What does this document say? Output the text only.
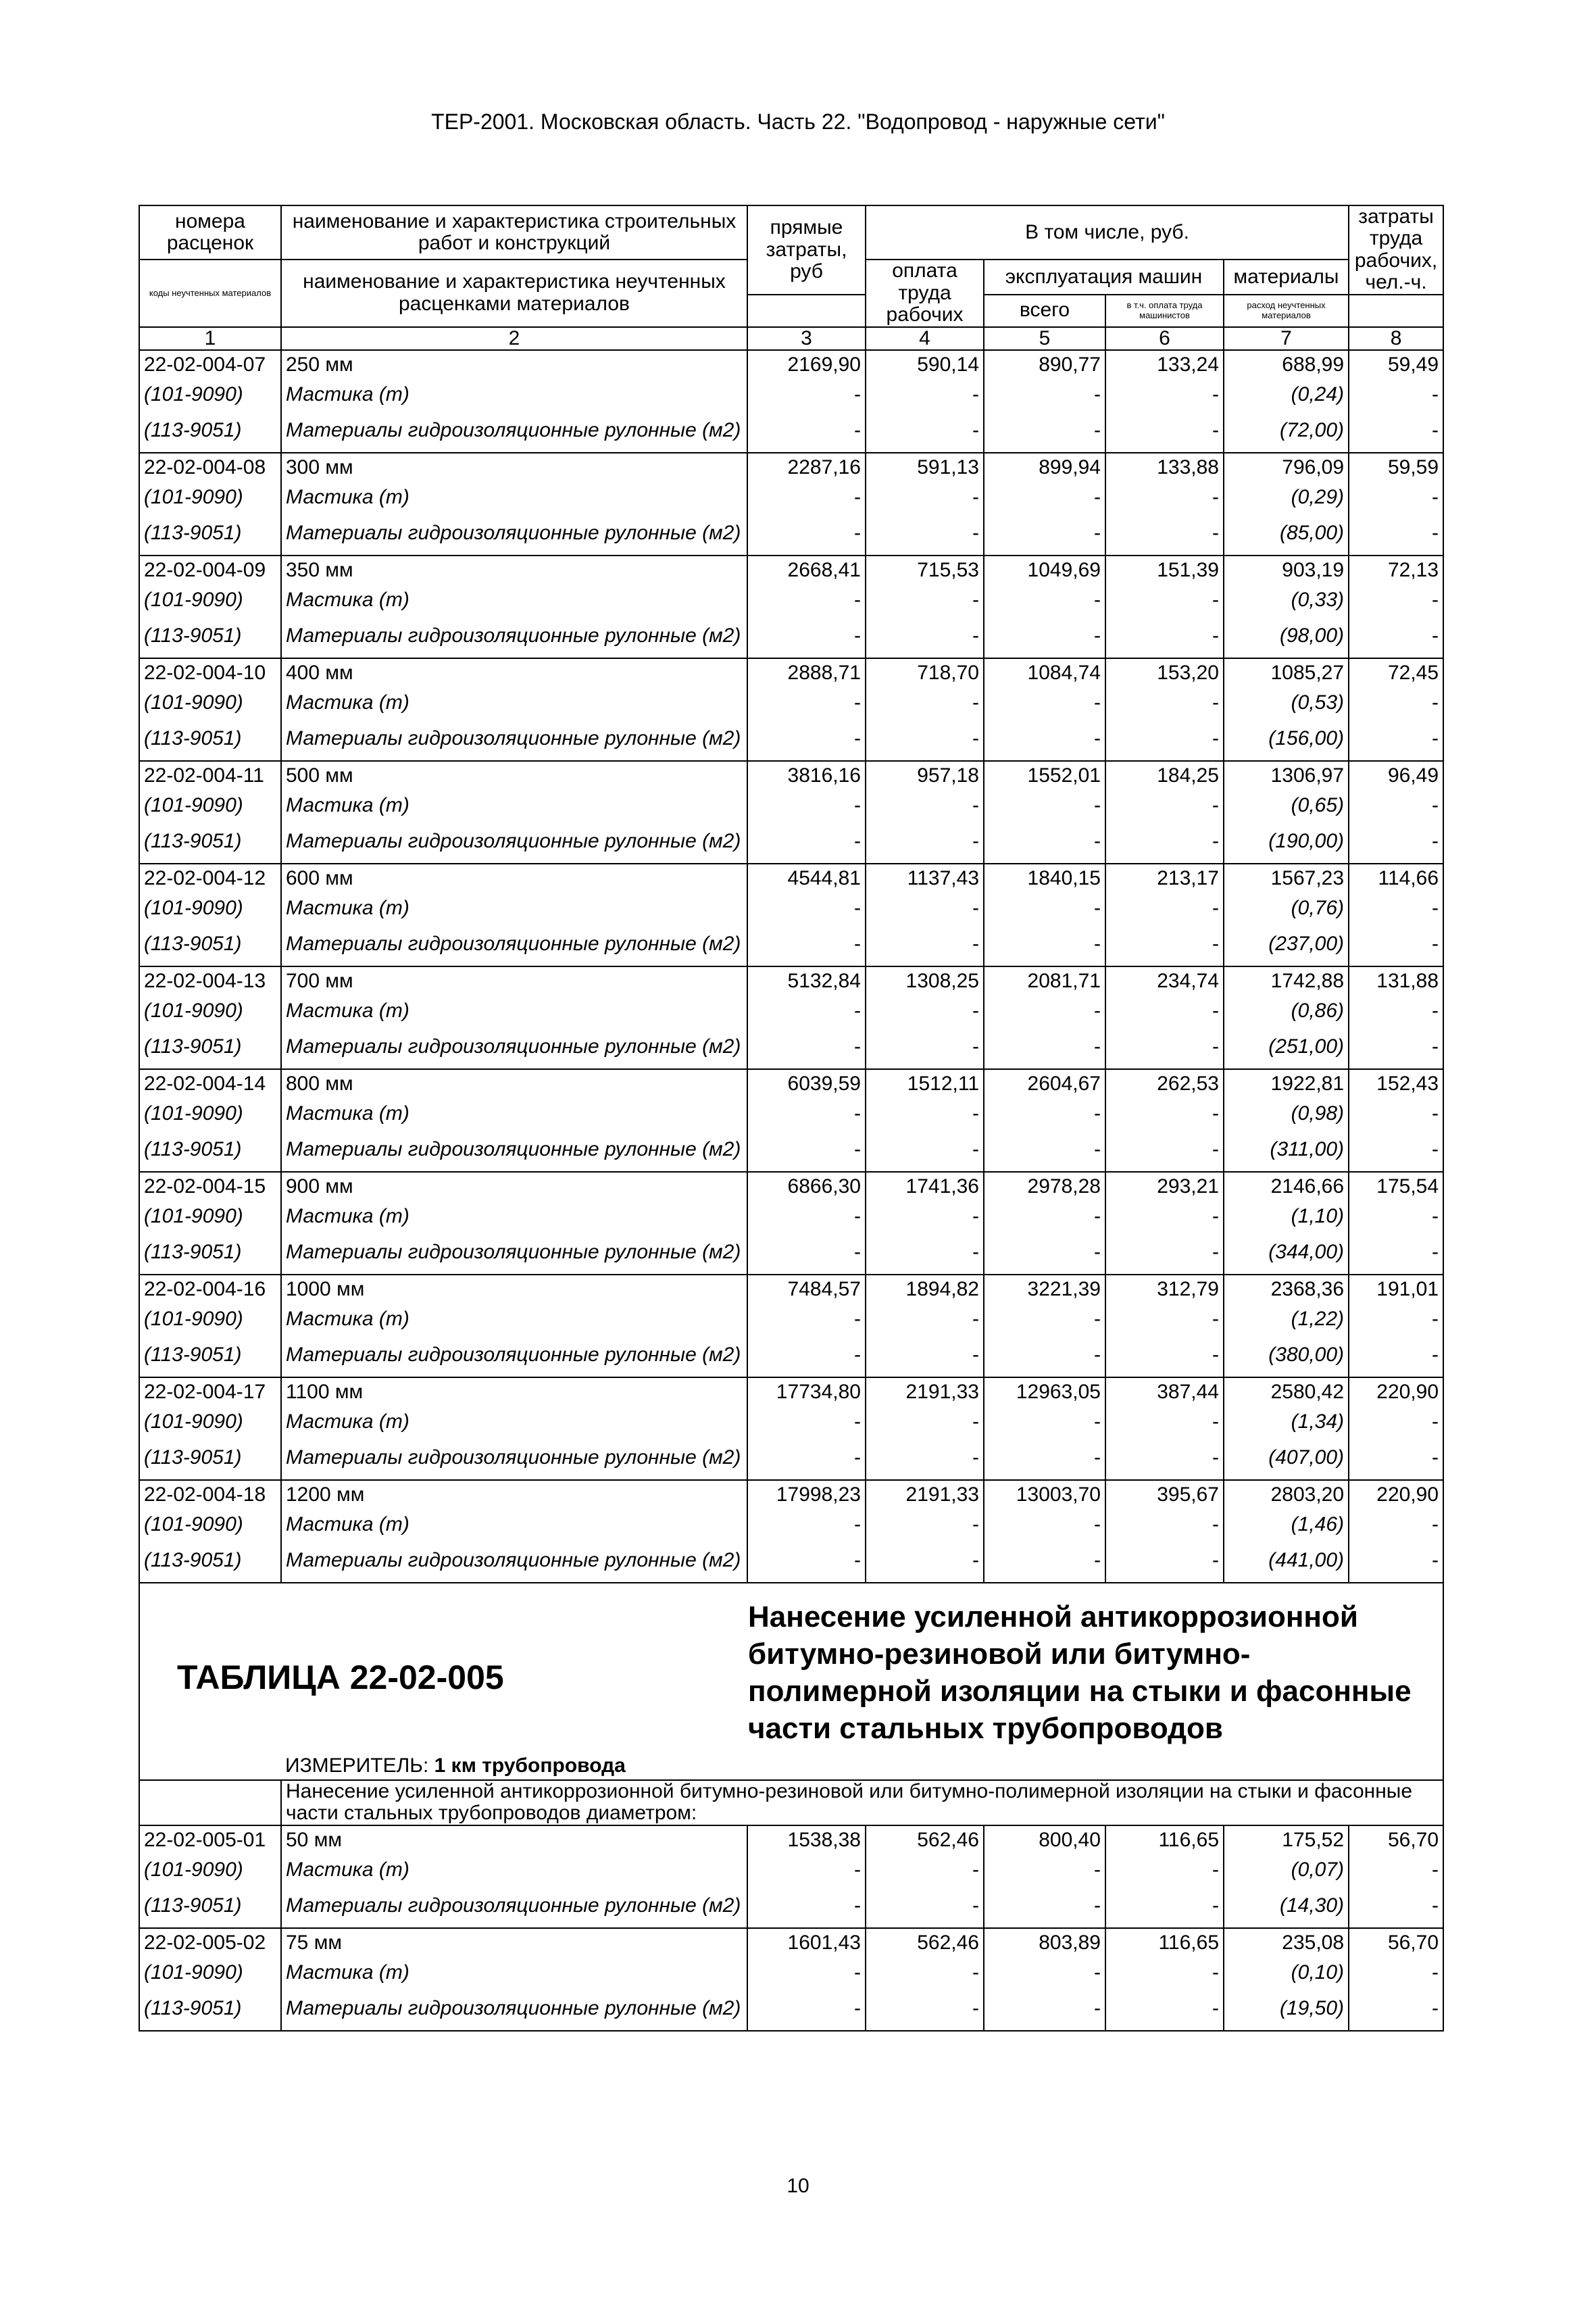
ТЕР-2001. Московская область. Часть 22. "Водопровод - наружные сети"
номера расценок	наименование и характеристика строительных работ и конструкций	прямые затраты, руб	В том числе, руб.				затраты труда рабочих, чел.-ч.
коды неучтенных материалов	наименование и характеристика неучтенных расценками материалов		оплата труда рабочих	эксплуатация машин		материалы	
				всего	в т.ч. оплата труда машинистов	расход неучтенных материалов	
1	2	3	4	5	6	7	8
22-02-004-07	250 мм	2169,90	590,14	890,77	133,24	688,99	59,49
(101-9090)	Мастика (т)	-	-	-	-	(0,24)	-
(113-9051)	Материалы гидроизоляционные рулонные (м2)	-	-	-	-	(72,00)	-
22-02-004-08	300 мм	2287,16	591,13	899,94	133,88	796,09	59,59
(101-9090)	Мастика (т)	-	-	-	-	(0,29)	-
(113-9051)	Материалы гидроизоляционные рулонные (м2)	-	-	-	-	(85,00)	-
22-02-004-09	350 мм	2668,41	715,53	1049,69	151,39	903,19	72,13
(101-9090)	Мастика (т)	-	-	-	-	(0,33)	-
(113-9051)	Материалы гидроизоляционные рулонные (м2)	-	-	-	-	(98,00)	-
22-02-004-10	400 мм	2888,71	718,70	1084,74	153,20	1085,27	72,45
(101-9090)	Мастика (т)	-	-	-	-	(0,53)	-
(113-9051)	Материалы гидроизоляционные рулонные (м2)	-	-	-	-	(156,00)	-
22-02-004-11	500 мм	3816,16	957,18	1552,01	184,25	1306,97	96,49
(101-9090)	Мастика (т)	-	-	-	-	(0,65)	-
(113-9051)	Материалы гидроизоляционные рулонные (м2)	-	-	-	-	(190,00)	-
22-02-004-12	600 мм	4544,81	1137,43	1840,15	213,17	1567,23	114,66
(101-9090)	Мастика (т)	-	-	-	-	(0,76)	-
(113-9051)	Материалы гидроизоляционные рулонные (м2)	-	-	-	-	(237,00)	-
22-02-004-13	700 мм	5132,84	1308,25	2081,71	234,74	1742,88	131,88
(101-9090)	Мастика (т)	-	-	-	-	(0,86)	-
(113-9051)	Материалы гидроизоляционные рулонные (м2)	-	-	-	-	(251,00)	-
22-02-004-14	800 мм	6039,59	1512,11	2604,67	262,53	1922,81	152,43
(101-9090)	Мастика (т)	-	-	-	-	(0,98)	-
(113-9051)	Материалы гидроизоляционные рулонные (м2)	-	-	-	-	(311,00)	-
22-02-004-15	900 мм	6866,30	1741,36	2978,28	293,21	2146,66	175,54
(101-9090)	Мастика (т)	-	-	-	-	(1,10)	-
(113-9051)	Материалы гидроизоляционные рулонные (м2)	-	-	-	-	(344,00)	-
22-02-004-16	1000 мм	7484,57	1894,82	3221,39	312,79	2368,36	191,01
(101-9090)	Мастика (т)	-	-	-	-	(1,22)	-
(113-9051)	Материалы гидроизоляционные рулонные (м2)	-	-	-	-	(380,00)	-
22-02-004-17	1100 мм	17734,80	2191,33	12963,05	387,44	2580,42	220,90
(101-9090)	Мастика (т)	-	-	-	-	(1,34)	-
(113-9051)	Материалы гидроизоляционные рулонные (м2)	-	-	-	-	(407,00)	-
22-02-004-18	1200 мм	17998,23	2191,33	13003,70	395,67	2803,20	220,90
(101-9090)	Мастика (т)	-	-	-	-	(1,46)	-
(113-9051)	Материалы гидроизоляционные рулонные (м2)	-	-	-	-	(441,00)	-

ТАБЛИЦА 22-02-005
Нанесение усиленной антикоррозионной битумно-резиновой или битумно-полимерной изоляции на стыки и фасонные части стальных трубопроводов
ИЗМЕРИТЕЛЬ: 1 км трубопровода							

	Нанесение усиленной антикоррозионной битумно-резиновой или битумно-полимерной изоляции на стыки и фасонные части стальных трубопроводов диаметром:						
22-02-005-01	50 мм	1538,38	562,46	800,40	116,65	175,52	56,70
(101-9090)	Мастика (т)	-	-	-	-	(0,07)	-
(113-9051)	Материалы гидроизоляционные рулонные (м2)	-	-	-	-	(14,30)	-
22-02-005-02	75 мм	1601,43	562,46	803,89	116,65	235,08	56,70
(101-9090)	Мастика (т)	-	-	-	-	(0,10)	-
(113-9051)	Материалы гидроизоляционные рулонные (м2)	-	-	-	-	(19,50)	-
10
